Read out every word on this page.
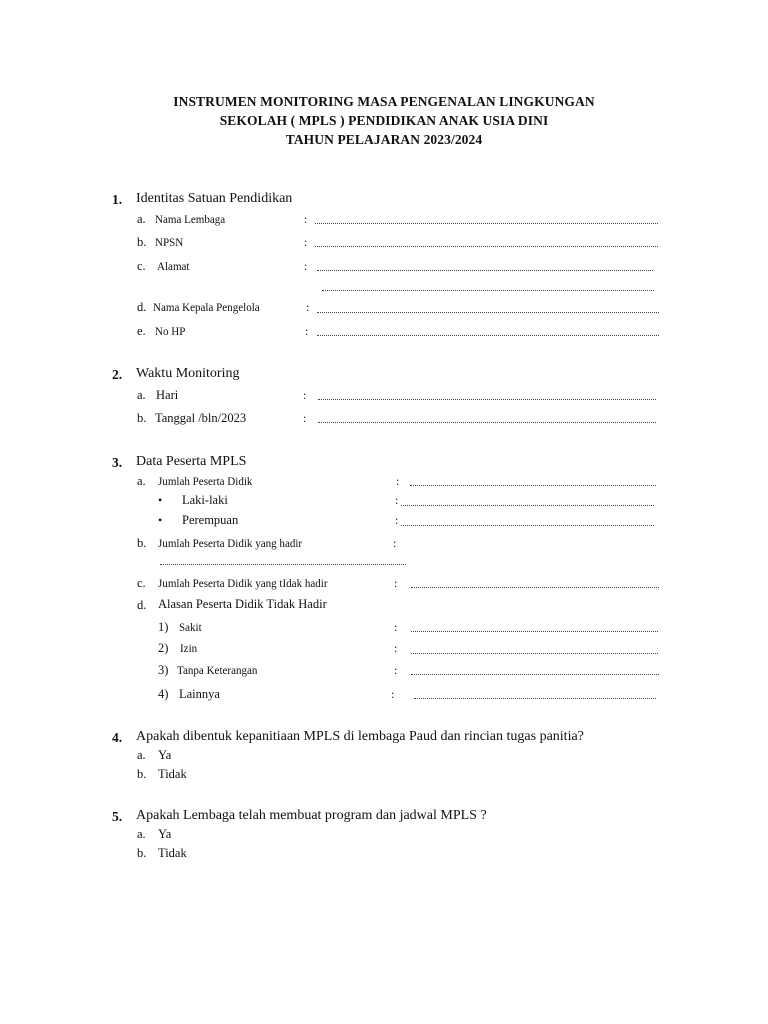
INSTRUMEN MONITORING MASA PENGENALAN LINGKUNGAN
SEKOLAH ( MPLS ) PENDIDIKAN ANAK USIA DINI
TAHUN PELAJARAN 2023/2024
1. Identitas Satuan Pendidikan
a. Nama Lembaga	:
b. NPSN	:
c. Alamat	:
d. Nama Kepala Pengelola	:
e. No HP	:
2. Waktu Monitoring
a. Hari	:
b. Tanggal /bln/2023	:
3. Data Peserta MPLS
a. Jumlah Peserta Didik	:
• Laki-laki	:
• Perempuan	:
b. Jumlah Peserta Didik yang hadir	:
c. Jumlah Peserta Didik yang tIdak hadir	:
d. Alasan Peserta Didik Tidak Hadir
1) Sakit	:
2) Izin	:
3) Tanpa Keterangan	:
4) Lainnya	:
4. Apakah dibentuk kepanitiaan MPLS di lembaga Paud dan rincian tugas panitia?
a. Ya
b. Tidak
5. Apakah Lembaga telah membuat program dan jadwal MPLS ?
a. Ya
b. Tidak
